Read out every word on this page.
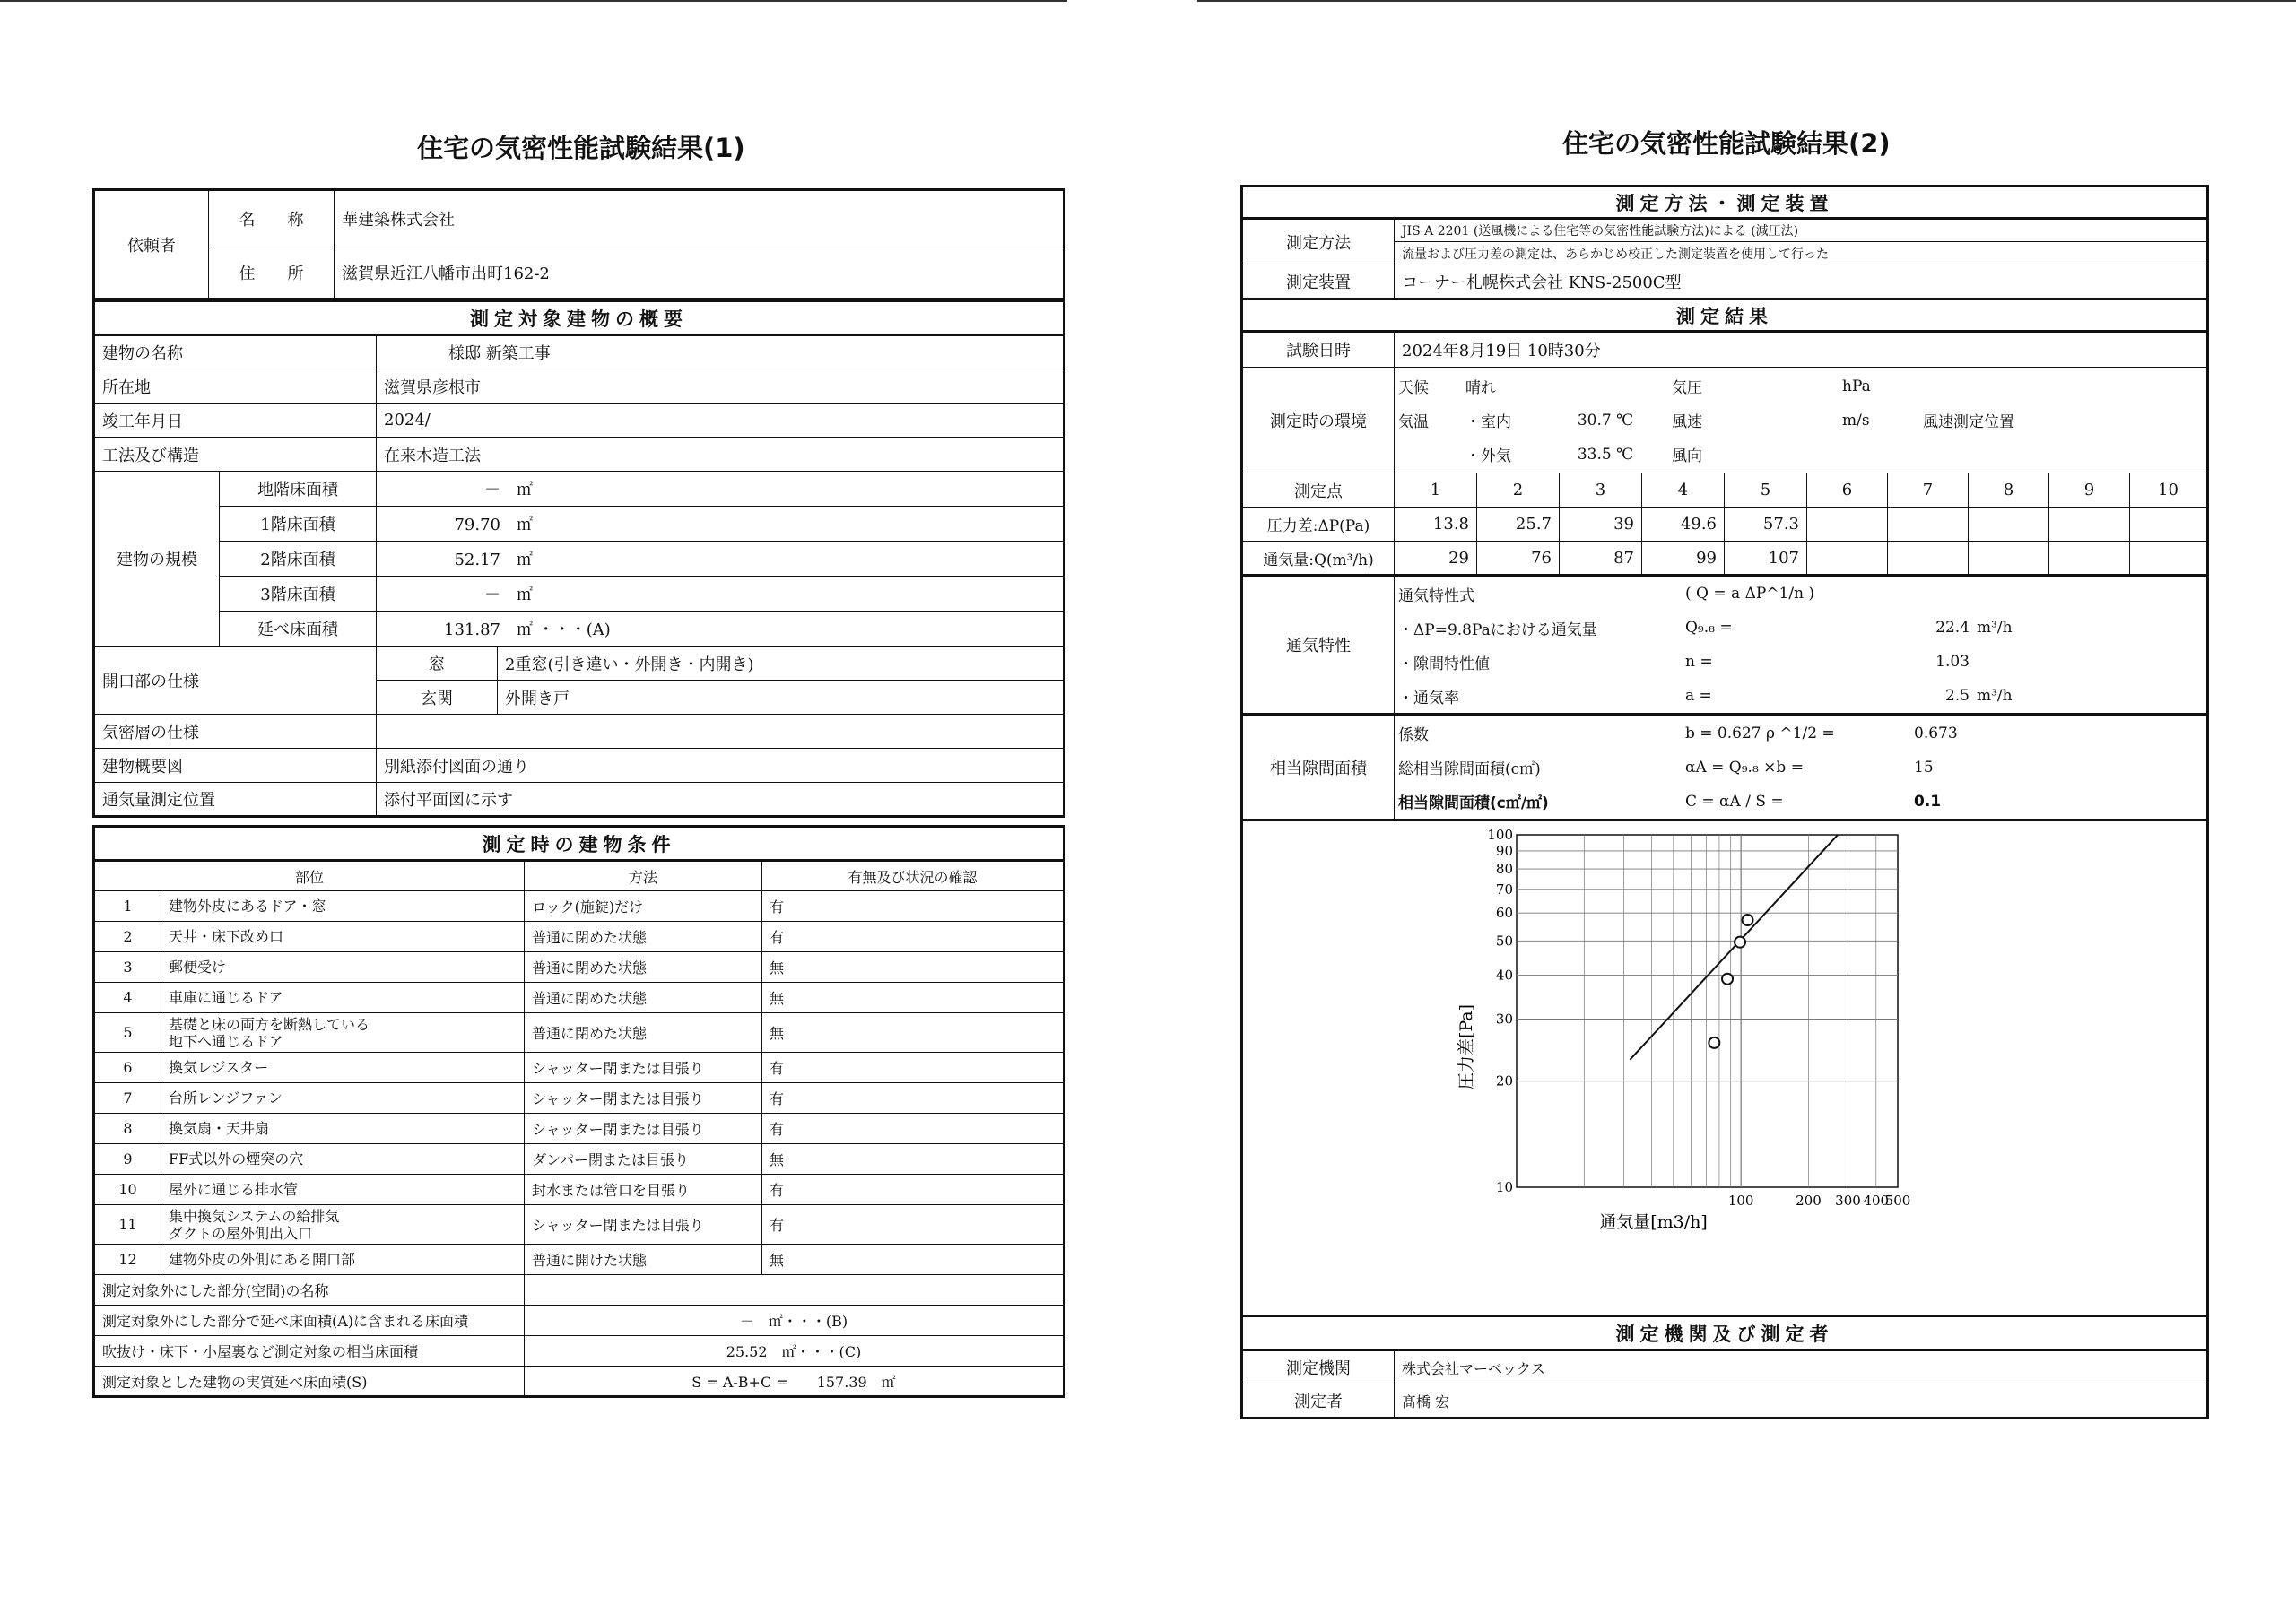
住宅の気密性能試験結果(1)
依頼者	名　　称	華建築株式会社
	住　　所	滋賀県近江八幡市出町162-2
測定対象建物の概要			
建物の名称		　　　　様邸 新築工事	
所在地		滋賀県彦根市	
竣工年月日		2024/	
工法及び構造		在来木造工法	
建物の規模	地階床面積	－　 ㎡	
	1階床面積	79.70　 ㎡	
	2階床面積	52.17　 ㎡	
	3階床面積	－　 ㎡	
	延べ床面積	131.87　 ㎡ ・・・(A)	
開口部の仕様		窓	2重窓(引き違い・外開き・内開き)
		玄関	外開き戸
気密層の仕様			
建物概要図		別紙添付図面の通り	
通気量測定位置		添付平面図に示す	
測定時の建物条件			
部位		方法	有無及び状況の確認
1	建物外皮にあるドア・窓	ロック(施錠)だけ	有
2	天井・床下改め口	普通に閉めた状態	有
3	郵便受け	普通に閉めた状態	無
4	車庫に通じるドア	普通に閉めた状態	無
5	基礎と床の両方を断熱している
地下へ通じるドア	普通に閉めた状態	無
6	換気レジスター	シャッター閉または目張り	有
7	台所レンジファン	シャッター閉または目張り	有
8	換気扇・天井扇	シャッター閉または目張り	有
9	FF式以外の煙突の穴	ダンパー閉または目張り	無
10	屋外に通じる排水管	封水または管口を目張り	有
11	集中換気システムの給排気
ダクトの屋外側出入口	シャッター閉または目張り	有
12	建物外皮の外側にある開口部	普通に開けた状態	無
測定対象外にした部分(空間)の名称			
測定対象外にした部分で延べ床面積(A)に含まれる床面積		－　㎡・・・(B)	
吹抜け・床下・小屋裏など測定対象の相当床面積		25.52　㎡・・・(C)	
測定対象とした建物の実質延べ床面積(S)		S = A-B+C =　　157.39　㎡	
住宅の気密性能試験結果(2)
測定方法・測定装置
測定方法	JIS A 2201 (送風機による住宅等の気密性能試験方法)による (減圧法)
流量および圧力差の測定は、あらかじめ校正した測定装置を使用して行った
測定装置	コーナー札幌株式会社 KNS-2500C型
測定結果
試験日時	2024年8月19日 10時30分
測定時の環境	
天候	晴れ		気圧	hPa	
気温	・室内	30.7 ℃	風速	m/s	風速測定位置
	・外気	33.5 ℃	風向		

測定点	1	2	3	4	5	6	7	8	9	10
圧力差:ΔP(Pa)	13.8	25.7	39	49.6	57.3					
通気量:Q(m³/h)	29	76	87	99	107					
通気特性	
通気特性式	( Q = a ΔP^1/n )
・ΔP=9.8Paにおける通気量	Q₉.₈ =	22.4	m³/h
・隙間特性値	n =	1.03	
・通気率	a =	2.5	m³/h

相当隙間面積	
係数	b = 0.627 ρ ^1/2 =	0.673
総相当隙間面積(c㎡)	αA = Q₉.₈ ×b =	15
相当隙間面積(c㎡/㎡)	C = αA / S =	0.1

10
20
30
40
50
60
70
80
90
100
100	200 300 400
500
通気量[m3/h]
圧力差[Pa]

測定機関及び測定者
測定機関	株式会社マーベックス
測定者	髙橋 宏
